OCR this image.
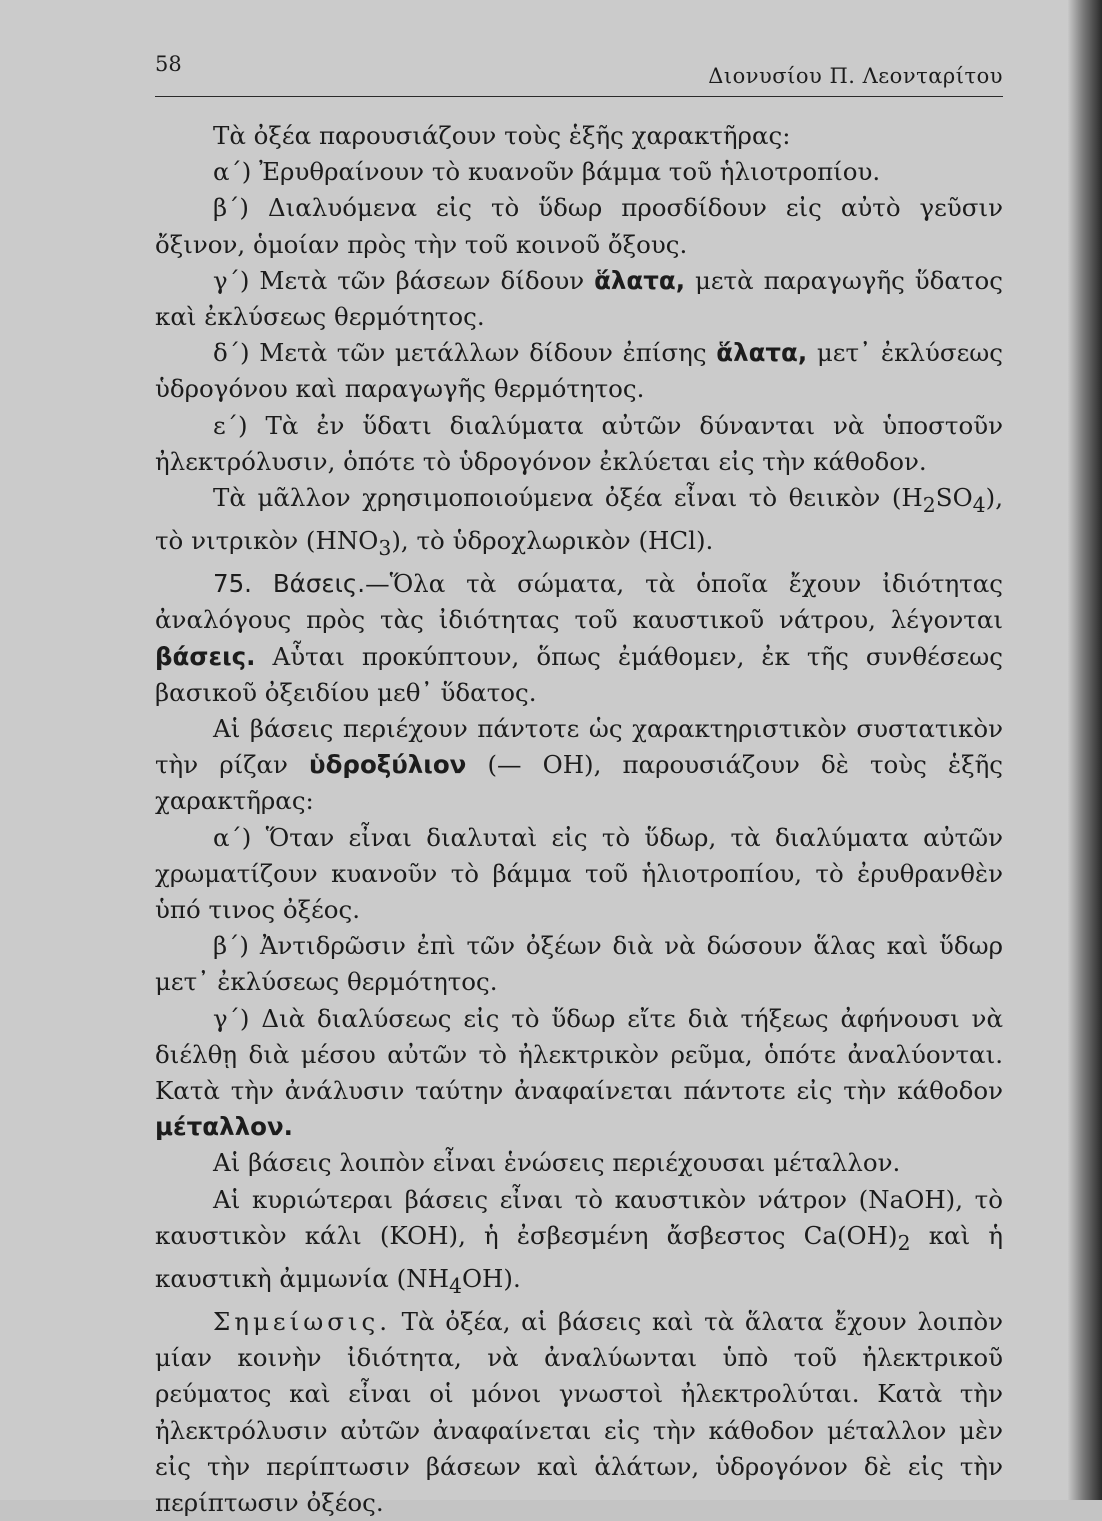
58	Διονυσίου Π. Λεονταρίτου

Τὰ ὀξέα παρουσιάζουν τοὺς ἑξῆς χαρακτῆρας:

α΄) Ἐρυθραίνουν τὸ κυανοῦν βάμμα τοῦ ἡλιοτροπίου.

β΄) Διαλυόμενα εἰς τὸ ὕδωρ προσδίδουν εἰς αὐτὸ γεῦσιν ὄξινον, ὁμοίαν πρὸς τὴν τοῦ κοινοῦ ὄξους.

γ΄) Μετὰ τῶν βάσεων δίδουν ἅλατα, μετὰ παραγωγῆς ὕδατος καὶ ἐκλύσεως θερμότητος.

δ΄) Μετὰ τῶν μετάλλων δίδουν ἐπίσης ἅλατα, μετ᾽ ἐκλύσεως ὑδρογόνου καὶ παραγωγῆς θερμότητος.

ε΄) Τὰ ἐν ὕδατι διαλύματα αὐτῶν δύνανται νὰ ὑποστοῦν ἠλεκτρόλυσιν, ὁπότε τὸ ὑδρογόνον ἐκλύεται εἰς τὴν κάθοδον.

Τὰ μᾶλλον χρησιμοποιούμενα ὀξέα εἶναι τὸ θειικὸν $(H_2SO_4)$, τὸ νιτρικὸν $(HNO_3)$, τὸ ὑδροχλωρικὸν (HCl).

75. Βάσεις.—Ὅλα τὰ σώματα, τὰ ὁποῖα ἔχουν ἰδιότητας ἀναλόγους πρὸς τὰς ἰδιότητας τοῦ καυστικοῦ νάτρου, λέγονται βάσεις. Αὗται προκύπτουν, ὅπως ἐμάθομεν, ἐκ τῆς συνθέσεως βασικοῦ ὀξειδίου μεθ᾽ ὕδατος.

Αἱ βάσεις περιέχουν πάντοτε ὡς χαρακτηριστικὸν συστατικὸν τὴν ρίζαν ὑδροξύλιον (— OH), παρουσιάζουν δὲ τοὺς ἑξῆς χαρακτῆρας:

α΄) Ὅταν εἶναι διαλυταὶ εἰς τὸ ὕδωρ, τὰ διαλύματα αὐτῶν χρωματίζουν κυανοῦν τὸ βάμμα τοῦ ἡλιοτροπίου, τὸ ἐρυθρανθὲν ὑπό τινος ὀξέος.

β΄) Ἀντιδρῶσιν ἐπὶ τῶν ὀξέων διὰ νὰ δώσουν ἅλας καὶ ὕδωρ μετ᾽ ἐκλύσεως θερμότητος.

γ΄) Διὰ διαλύσεως εἰς τὸ ὕδωρ εἴτε διὰ τήξεως ἀφήνουσι νὰ διέλθῃ διὰ μέσου αὐτῶν τὸ ἠλεκτρικὸν ρεῦμα, ὁπότε ἀναλύονται. Κατὰ τὴν ἀνάλυσιν ταύτην ἀναφαίνεται πάντοτε εἰς τὴν κάθοδον μέταλλον.

Αἱ βάσεις λοιπὸν εἶναι ἑνώσεις περιέχουσαι μέταλλον.

Αἱ κυριώτεραι βάσεις εἶναι τὸ καυστικὸν νάτρον (NaOH), τὸ καυστικὸν κάλι (KOH), ἡ ἐσβεσμένη ἄσβεστος $Ca(OH)_2$ καὶ ἡ καυστικὴ ἀμμωνία $(NH_4OH)$.

Σημείωσις. Τὰ ὀξέα, αἱ βάσεις καὶ τὰ ἅλατα ἔχουν λοιπὸν μίαν κοινὴν ἰδιότητα, νὰ ἀναλύωνται ὑπὸ τοῦ ἠλεκτρικοῦ ρεύματος καὶ εἶναι οἱ μόνοι γνωστοὶ ἠλεκτρολύται. Κατὰ τὴν ἠλεκτρόλυσιν αὐτῶν ἀναφαίνεται εἰς τὴν κάθοδον μέταλλον μὲν εἰς τὴν περίπτωσιν βάσεων καὶ ἁλάτων, ὑδρογόνον δὲ εἰς τὴν περίπτωσιν ὀξέος.
